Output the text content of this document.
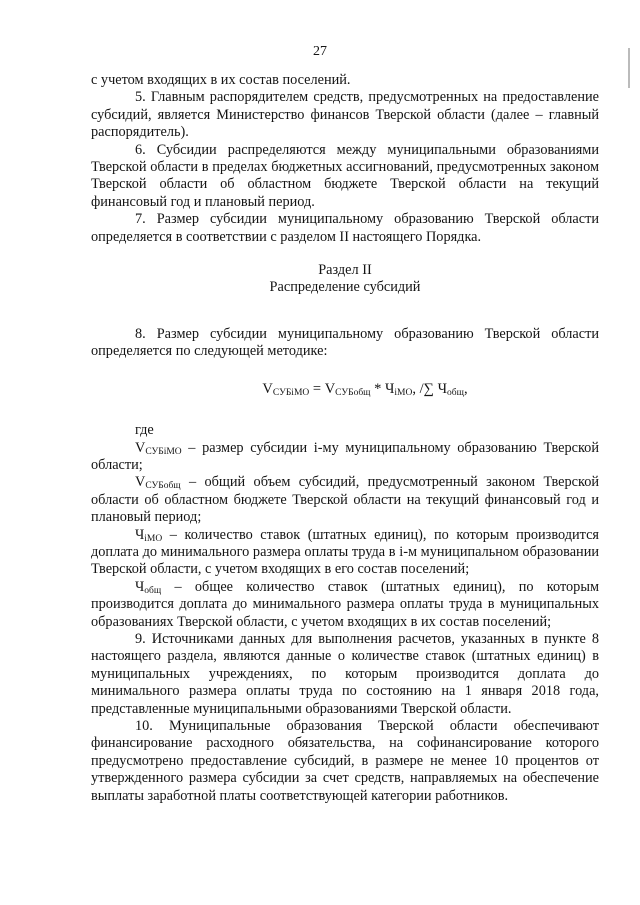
27

с учетом входящих в их состав поселений.

5. Главным распорядителем средств, предусмотренных на предоставление субсидий, является Министерство финансов Тверской области (далее – главный распорядитель).

6. Субсидии распределяются между муниципальными образованиями Тверской области в пределах бюджетных ассигнований, предусмотренных законом Тверской области об областном бюджете Тверской области на текущий финансовый год и плановый период.

7. Размер субсидии муниципальному образованию Тверской области определяется в соответствии с разделом II настоящего Порядка.

Раздел II

Распределение субсидий

8. Размер субсидии муниципальному образованию Тверской области определяется по следующей методике:

$V_{СУБiМО} = V_{СУБобщ} * Ч_{iМО}$, /∑ $Ч_{общ}$,

где

$V_{СУБiМО}$ – размер субсидии i-му муниципальному образованию Тверской области;

$V_{СУБобщ}$ – общий объем субсидий, предусмотренный законом Тверской области об областном бюджете Тверской области на текущий финансовый год и плановый период;

$Ч_{iМО}$ – количество ставок (штатных единиц), по которым производится доплата до минимального размера оплаты труда в i-м муниципальном образовании Тверской области, с учетом входящих в его состав поселений;

$Ч_{общ}$ – общее количество ставок (штатных единиц), по которым производится доплата до минимального размера оплаты труда в муниципальных образованиях Тверской области, с учетом входящих в их состав поселений;

9. Источниками данных для выполнения расчетов, указанных в пункте 8 настоящего раздела, являются данные о количестве ставок (штатных единиц) в муниципальных учреждениях, по которым производится доплата до минимального размера оплаты труда по состоянию на 1 января 2018 года, представленные муниципальными образованиями Тверской области.

10. Муниципальные образования Тверской области обеспечивают финансирование расходного обязательства, на софинансирование которого предусмотрено предоставление субсидий, в размере не менее 10 процентов от утвержденного размера субсидии за счет средств, направляемых на обеспечение выплаты заработной платы соответствующей категории работников.
